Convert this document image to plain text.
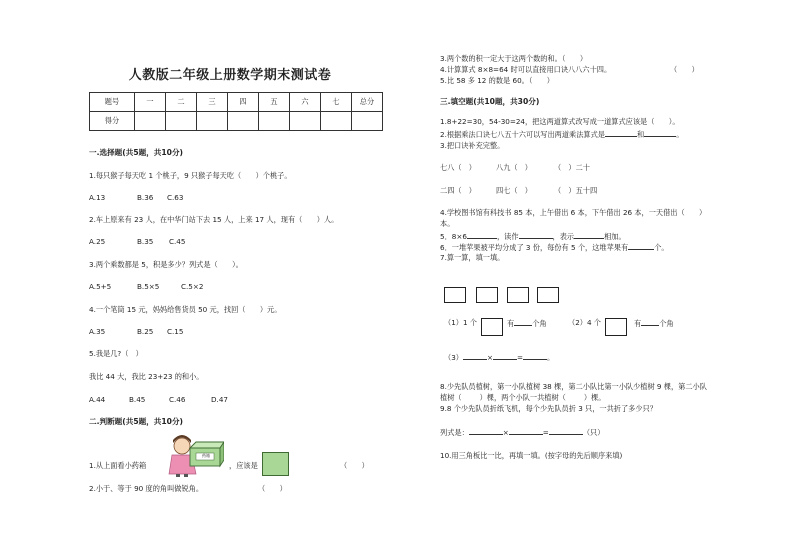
人教版二年级上册数学期末测试卷
题号	一	二	三	四	五	六	七	总分
得分								
一.选择题(共5题，共10分)
1.每只猴子每天吃 1 个桃子，9 只猴子每天吃（　　）个桃子。
A.13	B.36 C.63
2.车上原来有 23 人，在中华门站下去 15 人，上来 17 人，现有（　　）人。
A.25	B.35 C.45
3.两个乘数都是 5，积是多少？列式是（　　）。
A.5+5	B.5×5	C.5×2
4.一个笔筒 15 元，妈妈给售货员 50 元，找回（　　）元。
A.35	B.25 C.15
5.我是几?（　）
我比 44 大，我比 23+23 的和小。
A.44	B.45	C.46	D.47
二.判断题(共5题，共10分)
药箱
1.从上面看小药箱	，应该是	（　　）
2.小于、等于 90 度的角叫做锐角。	（　　）
3.两个数的积一定大于这两个数的和。（　　）
4.计算算式 8×8=64 时可以直接用口诀八八六十四。	（　　）
5.比 58 多 12 的数是 60。（　　）
三.填空题(共10题，共30分)
1.8+22=30，54-30=24，把这两道算式改写成一道算式应该是（　　）。
2.根据乘法口诀七八五十六可以写出两道乘法算式是	和	。
3.把口诀补充完整。
七八（　）	八九（　）	（　）二十
二四（　）	四七（　）	（　）五十四
4.学校图书馆有科技书 85 本，上午借出 6 本，下午借出 26 本，一天借出（　　）
本。
5．8×6	，读作	，表示	相加。
6．一堆苹果被平均分成了 3 份，每份有 5 个，这堆苹果有	个。
7.算一算，填一填。
（1）1 个	有	个角	（2）4 个	有	个角
（3）	×	=	。
8.少先队员植树，第一小队植树 38 棵，第二小队比第一小队少植树 9 棵，第二小队
植树（	）棵，两个小队一共植树（	）棵。
9.8 个少先队员折纸飞机，每个少先队员折 3 只，一共折了多少只？
列式是：	×	=	（只）
10.用三角板比一比，再填一填。(按字母的先后顺序来填)
